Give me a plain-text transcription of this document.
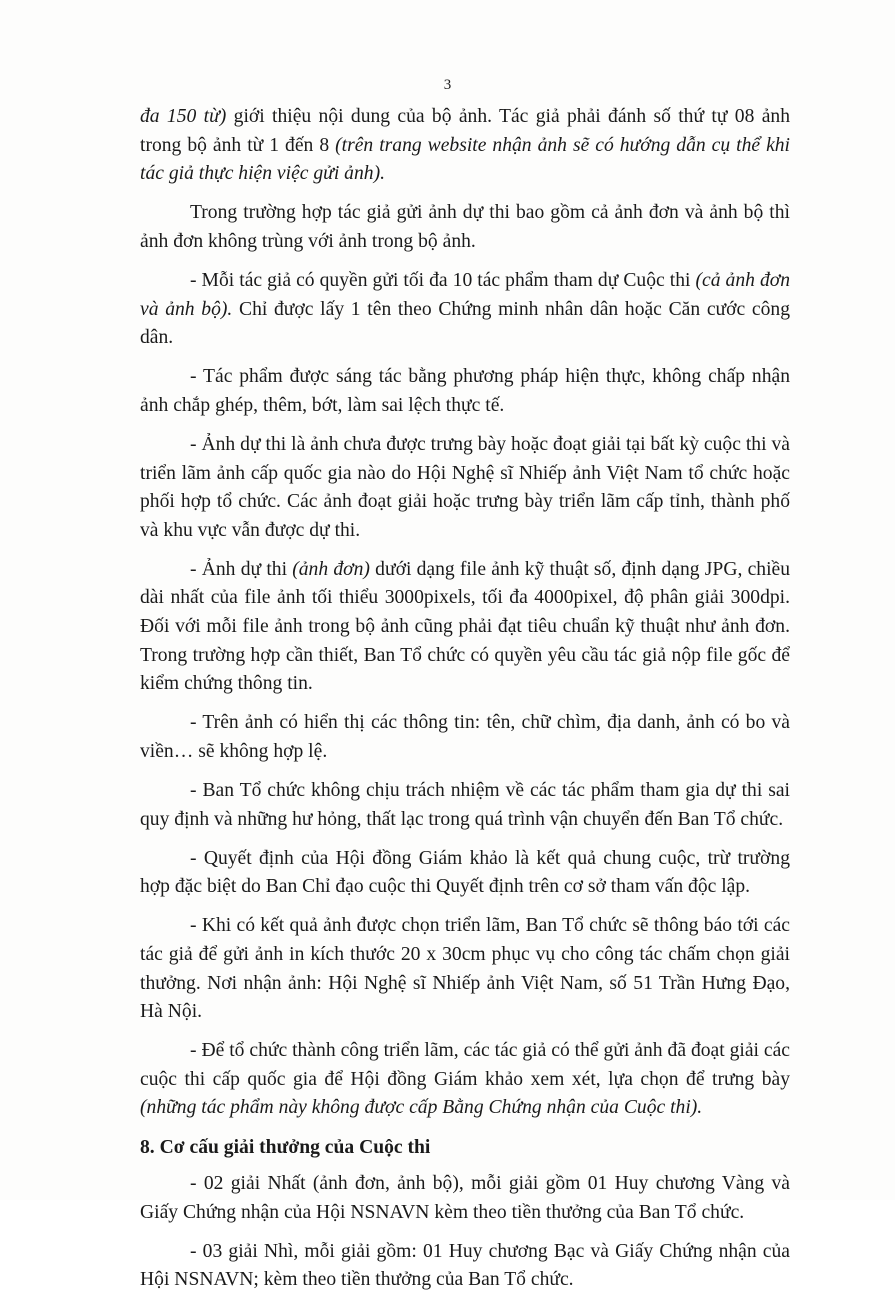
3

đa 150 từ) giới thiệu nội dung của bộ ảnh. Tác giả phải đánh số thứ tự 08 ảnh trong bộ ảnh từ 1 đến 8 (trên trang website nhận ảnh sẽ có hướng dẫn cụ thể khi tác giả thực hiện việc gửi ảnh).

Trong trường hợp tác giả gửi ảnh dự thi bao gồm cả ảnh đơn và ảnh bộ thì ảnh đơn không trùng với ảnh trong bộ ảnh.

- Mỗi tác giả có quyền gửi tối đa 10 tác phẩm tham dự Cuộc thi (cả ảnh đơn và ảnh bộ). Chỉ được lấy 1 tên theo Chứng minh nhân dân hoặc Căn cước công dân.

- Tác phẩm được sáng tác bằng phương pháp hiện thực, không chấp nhận ảnh chắp ghép, thêm, bớt, làm sai lệch thực tế.

- Ảnh dự thi là ảnh chưa được trưng bày hoặc đoạt giải tại bất kỳ cuộc thi và triển lãm ảnh cấp quốc gia nào do Hội Nghệ sĩ Nhiếp ảnh Việt Nam tổ chức hoặc phối hợp tổ chức. Các ảnh đoạt giải hoặc trưng bày triển lãm cấp tỉnh, thành phố và khu vực vẫn được dự thi.

- Ảnh dự thi (ảnh đơn) dưới dạng file ảnh kỹ thuật số, định dạng JPG, chiều dài nhất của file ảnh tối thiểu 3000pixels, tối đa 4000pixel, độ phân giải 300dpi. Đối với mỗi file ảnh trong bộ ảnh cũng phải đạt tiêu chuẩn kỹ thuật như ảnh đơn. Trong trường hợp cần thiết, Ban Tổ chức có quyền yêu cầu tác giả nộp file gốc để kiểm chứng thông tin.

- Trên ảnh có hiển thị các thông tin: tên, chữ chìm, địa danh, ảnh có bo và viền… sẽ không hợp lệ.

- Ban Tổ chức không chịu trách nhiệm về các tác phẩm tham gia dự thi sai quy định và những hư hỏng, thất lạc trong quá trình vận chuyển đến Ban Tổ chức.

- Quyết định của Hội đồng Giám khảo là kết quả chung cuộc, trừ trường hợp đặc biệt do Ban Chỉ đạo cuộc thi Quyết định trên cơ sở tham vấn độc lập.

- Khi có kết quả ảnh được chọn triển lãm, Ban Tổ chức sẽ thông báo tới các tác giả để gửi ảnh in kích thước 20 x 30cm phục vụ cho công tác chấm chọn giải thưởng. Nơi nhận ảnh: Hội Nghệ sĩ Nhiếp ảnh Việt Nam, số 51 Trần Hưng Đạo, Hà Nội.

- Để tổ chức thành công triển lãm, các tác giả có thể gửi ảnh đã đoạt giải các cuộc thi cấp quốc gia để Hội đồng Giám khảo xem xét, lựa chọn để trưng bày (những tác phẩm này không được cấp Bằng Chứng nhận của Cuộc thi).

8. Cơ cấu giải thưởng của Cuộc thi

- 02 giải Nhất (ảnh đơn, ảnh bộ), mỗi giải gồm 01 Huy chương Vàng và Giấy Chứng nhận của Hội NSNAVN kèm theo tiền thưởng của Ban Tổ chức.

- 03 giải Nhì, mỗi giải gồm: 01 Huy chương Bạc và Giấy Chứng nhận của Hội NSNAVN; kèm theo tiền thưởng của Ban Tổ chức.
